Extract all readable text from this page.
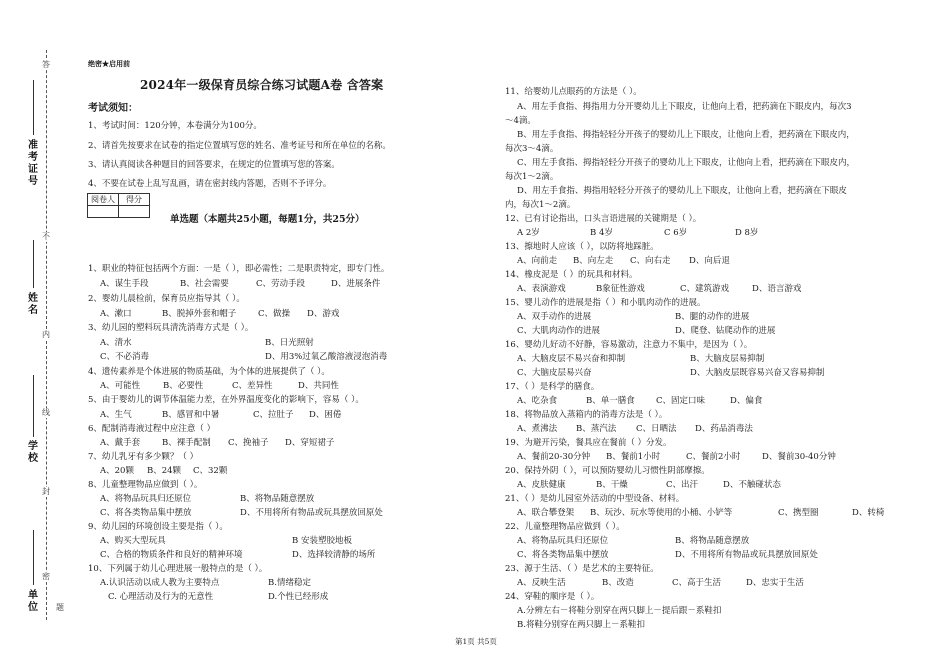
答
不
内
线
封
密
准考证号
姓名
学校
单位 题
绝密★启用前
2024年一级保育员综合练习试题A卷 含答案
考试须知：
1、考试时间：120分钟，本卷满分为100分。
2、请首先按要求在试卷的指定位置填写您的姓名、准考证号和所在单位的名称。
3、请认真阅读各种题目的回答要求，在规定的位置填写您的答案。
4、不要在试卷上乱写乱画，请在密封线内答题，否则不予评分。
阅卷人	得分

单选题（本题共25小题，每题1分，共25分）
1、职业的特征包括两个方面：一是（ ），即必需性；二是职责特定，即专门性。
A、谋生手段	B、社会需要	C、劳动手段	D、进展条件
2、婴幼儿晨检前，保育员应指导其（ ）。
A、漱口	B、脱掉外套和帽子	C、做操 D、游戏
3、幼儿园的塑料玩具清洗消毒方式是（ ）。
A、清水	B、日光照射
C、不必消毒	D、用3%过氧乙酸溶液浸泡消毒
4、遗传素养是个体进展的物质基础，为个体的进展提供了（ ）。
A、可能性	B、必要性	C、差异性	D、共同性
5、由于婴幼儿的调节体温能力差，在外界温度变化的影响下，容易（ ）。
A、生气	B、感冒和中暑	C、拉肚子 D、困倦
6、配制消毒液过程中应注意（ ）
A、戴手套	B、裸手配制 C、挽袖子 D、穿短裙子
7、幼儿乳牙有多少颗？（ ）
A、20颗 B、24颗 C、32颗
8、儿童整理物品应做到（ ）。
A、将物品玩具归还原位	B、将物品随意摆放
C、将各类物品集中摆放	D、不用将所有物品或玩具摆放回原处
9、幼儿园的环境创设主要是指（ ）。
A、购买大型玩具	B 安装塑胶地板
C、合格的物质条件和良好的精神环境	D、选择较清静的场所
10、下列属于幼儿心理进展一般特点的是（ ）。
A.认识活动以成人教为主要特点	B.情绪稳定
C. 心理活动及行为的无意性	D.个性已经形成
11、给婴幼儿点眼药的方法是（ ）。
A、用左手食指、拇指用力分开婴幼儿上下眼皮，让他向上看，把药滴在下眼皮内，每次3
～4滴。
B、用左手食指、拇指轻轻分开孩子的婴幼儿上下眼皮，让他向上看，把药滴在下眼皮内，
每次3～4滴。
C、用左手食指、拇指轻轻分开孩子的婴幼儿上下眼皮，让他向上看，把药滴在下眼皮内，
每次1～2滴。
D、用左手食指、拇指用轻轻分开孩子的婴幼儿上下眼皮，让他向上看，把药滴在下眼皮
内，每次1～2滴。
12、已有讨论指出，口头言语进展的关键期是（ ）。
A 2岁	B 4岁	C 6岁	D 8岁
13、擦地时人应该（ ），以防将地踩脏。
A、向前走 B、向左走 C、向右走 D、向后退
14、橡皮泥是（ ）的玩具和材料。
A、表演游戏	B象征性游戏	C、建筑游戏	D、语言游戏
15、婴儿动作的进展是指（ ）和小肌肉动作的进展。
A、双手动作的进展	B、腿的动作的进展
C、大肌肉动作的进展	D、爬登、钻爬动作的进展
16、婴幼儿好动不好静，容易激动，注意力不集中，是因为（ ）。
A、大脑皮层不易兴奋和抑制	B、大脑皮层易抑制
C、大脑皮层易兴奋	D、大脑皮层既容易兴奋又容易抑制
17、（ ）是科学的膳食。
A、吃杂食	B、单一膳食	C、固定口味	D、偏食
18、将物品放入蒸箱内的消毒方法是（ ）。
A、煮沸法 B、蒸汽法 C、日晒法 D、药品消毒法
19、为避开污染，餐具应在餐前（ ）分发。
A、餐前20-30分钟 B、餐前1小时	C、餐前2小时	D、餐前30-40分钟
20、保持外阴（ ），可以预防婴幼儿习惯性阴部摩擦。
A、皮肤健康	B、干燥	C、出汗	D、不触碰状态
21、（ ）是幼儿园室外活动的中型设备、材料。
A、联合攀登架 B、玩沙、玩水等使用的小桶、小铲等	C、携型圈	D、转椅
22、儿童整理物品应做到（ ）。
A、将物品玩具归还原位	B、将物品随意摆放
C、将各类物品集中摆放	D、不用将所有物品或玩具摆放回原处
23、源于生活、（ ）是艺术的主要特征。
A、反映生活	B、改造	C、高于生活	D、忠实于生活
24、穿鞋的顺序是（ ）。
A.分辨左右－将鞋分别穿在两只脚上－提后跟－系鞋扣
B.将鞋分别穿在两只脚上－系鞋扣
第1页 共5页
